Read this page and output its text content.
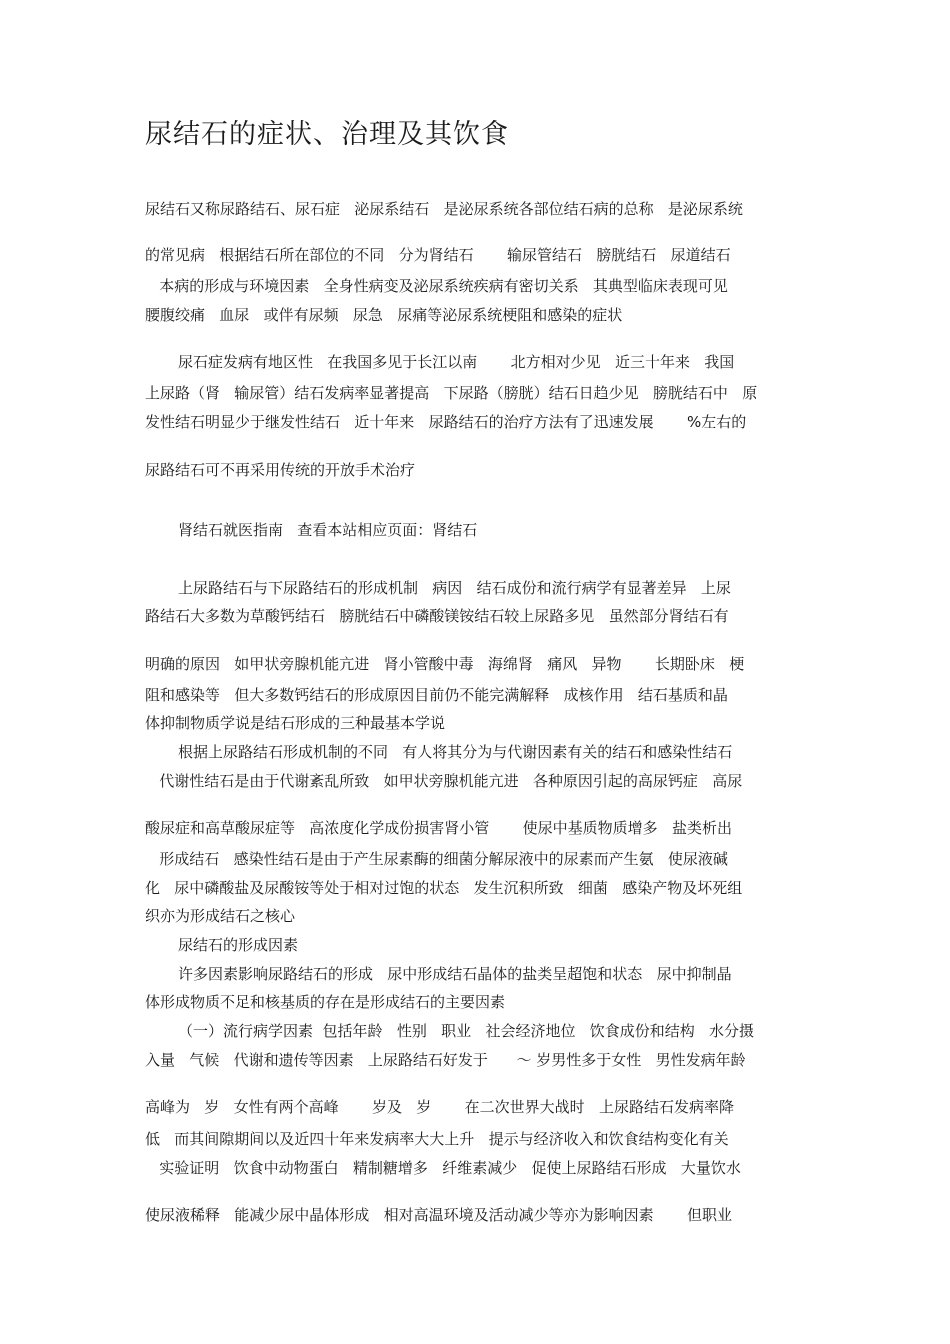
尿结石的症状、治理及其饮食
尿结石又称尿路结石、尿石症   泌尿系结石   是泌尿系统各部位结石病的总称   是泌尿系统
的常见病   根据结石所在部位的不同   分为肾结石       输尿管结石   膀胱结石   尿道结石
本病的形成与环境因素   全身性病变及泌尿系统疾病有密切关系   其典型临床表现可见
腰腹绞痛   血尿   或伴有尿频   尿急   尿痛等泌尿系统梗阻和感染的症状
尿石症发病有地区性   在我国多见于长江以南       北方相对少见   近三十年来   我国
上尿路（肾   输尿管）结石发病率显著提高   下尿路（膀胱）结石日趋少见   膀胱结石中   原
发性结石明显少于继发性结石   近十年来   尿路结石的治疗方法有了迅速发展       %左右的
尿路结石可不再采用传统的开放手术治疗
肾结石就医指南   查看本站相应页面：肾结石
上尿路结石与下尿路结石的形成机制   病因   结石成份和流行病学有显著差异   上尿
路结石大多数为草酸钙结石   膀胱结石中磷酸镁铵结石较上尿路多见   虽然部分肾结石有
明确的原因   如甲状旁腺机能亢进   肾小管酸中毒   海绵肾   痛风   异物       长期卧床   梗
阻和感染等   但大多数钙结石的形成原因目前仍不能完满解释   成核作用   结石基质和晶
体抑制物质学说是结石形成的三种最基本学说
根据上尿路结石形成机制的不同   有人将其分为与代谢因素有关的结石和感染性结石
代谢性结石是由于代谢紊乱所致   如甲状旁腺机能亢进   各种原因引起的高尿钙症   高尿
酸尿症和高草酸尿症等   高浓度化学成份损害肾小管       使尿中基质物质增多   盐类析出
形成结石   感染性结石是由于产生尿素酶的细菌分解尿液中的尿素而产生氨   使尿液碱
化   尿中磷酸盐及尿酸铵等处于相对过饱的状态   发生沉积所致   细菌   感染产物及坏死组
织亦为形成结石之核心
尿结石的形成因素
许多因素影响尿路结石的形成   尿中形成结石晶体的盐类呈超饱和状态   尿中抑制晶
体形成物质不足和核基质的存在是形成结石的主要因素
（一）流行病学因素  包括年龄   性别   职业   社会经济地位   饮食成份和结构   水分摄
入量   气候   代谢和遗传等因素   上尿路结石好发于      ～ 岁男性多于女性   男性发病年龄
高峰为   岁   女性有两个高峰       岁及   岁       在二次世界大战时   上尿路结石发病率降
低   而其间隙期间以及近四十年来发病率大大上升   提示与经济收入和饮食结构变化有关
实验证明   饮食中动物蛋白   精制糖增多   纤维素减少   促使上尿路结石形成   大量饮水
使尿液稀释   能减少尿中晶体形成   相对高温环境及活动减少等亦为影响因素       但职业
